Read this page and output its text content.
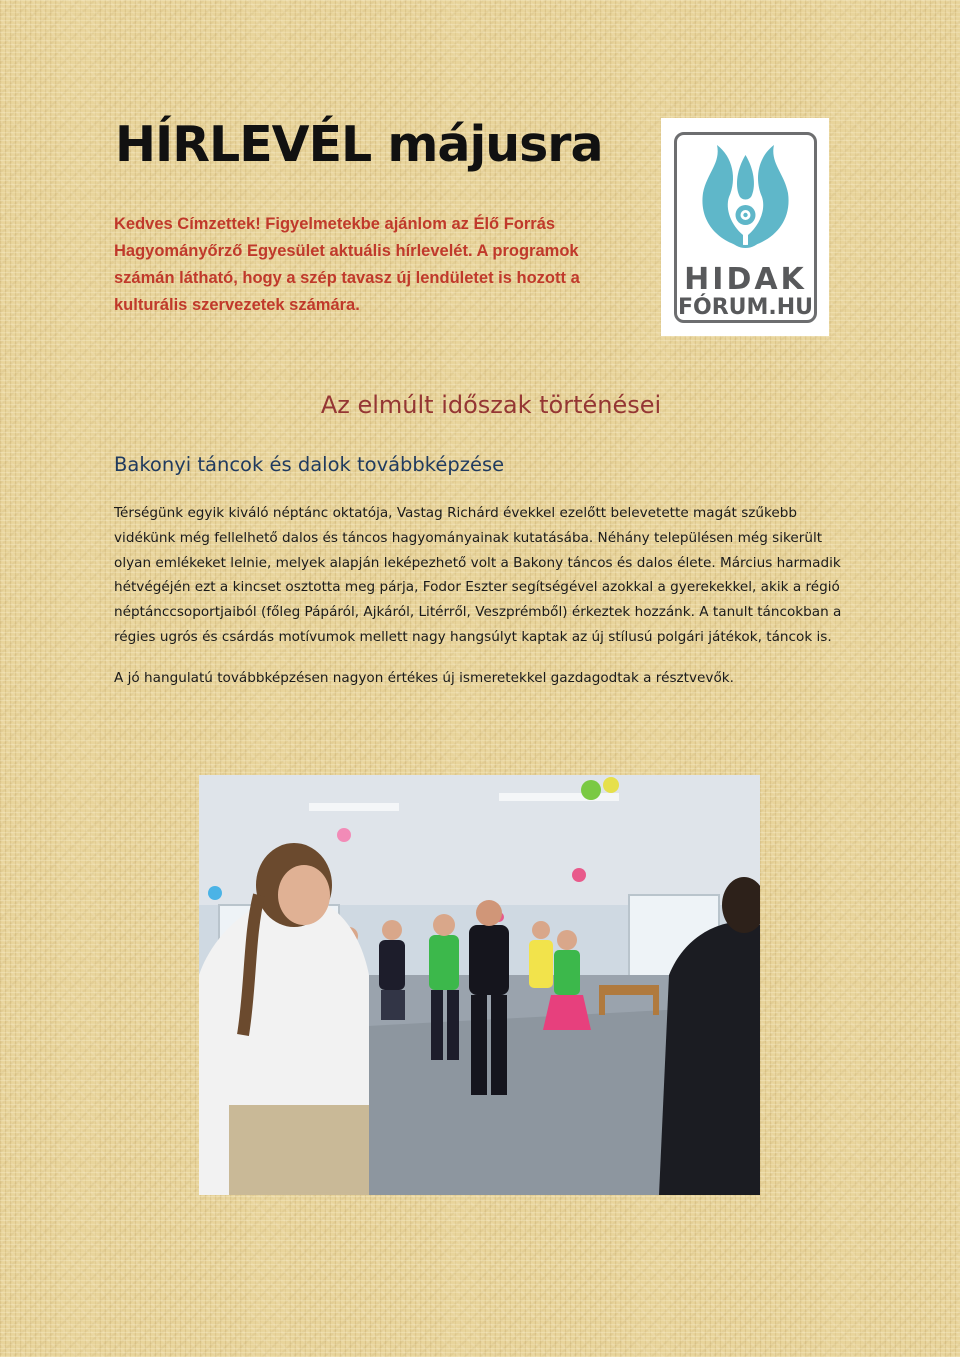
HÍRLEVÉL májusra

Kedves Címzettek! Figyelmetekbe ajánlom az Élő Forrás Hagyományőrző Egyesület aktuális hírlevelét. A programok számán látható, hogy a szép tavasz új lendületet is hozott a kulturális szervezetek számára.

HIDAK
FÓRUM.HU
Az elmúlt időszak történései
Bakonyi táncok és dalok továbbképzése

Térségünk egyik kiváló néptánc oktatója, Vastag Richárd évekkel ezelőtt belevetette magát szűkebb vidékünk még fellelhető dalos és táncos hagyományainak kutatásába. Néhány településen még sikerült olyan emlékeket lelnie, melyek alapján leképezhető volt a Bakony táncos és dalos élete. Március harmadik hétvégéjén ezt a kincset osztotta meg párja, Fodor Eszter segítségével azokkal a gyerekekkel, akik a régió néptánccsoportjaiból (főleg Pápáról, Ajkáról, Litérről, Veszprémből) érkeztek hozzánk. A tanult táncokban a régies ugrós és csárdás motívumok mellett nagy hangsúlyt kaptak az új stílusú polgári játékok, táncok is.

A jó hangulatú továbbképzésen nagyon értékes új ismeretekkel gazdagodtak a résztvevők.
